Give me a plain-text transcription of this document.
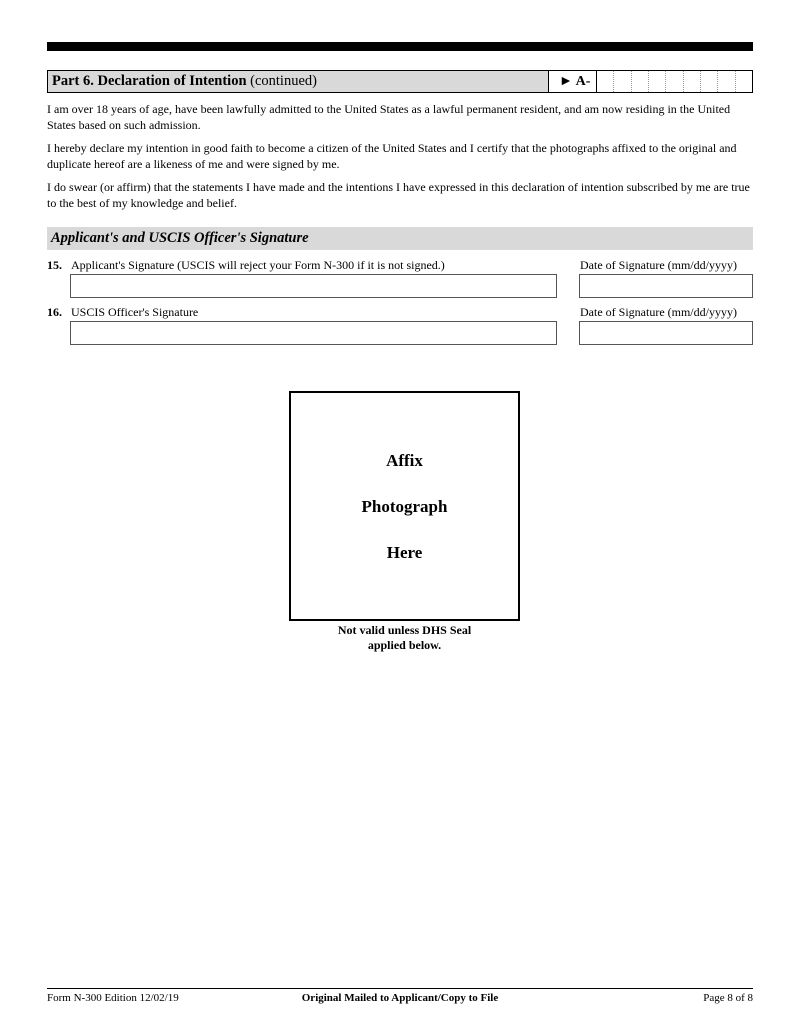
Part 6. Declaration of Intention (continued)	► A-

I am over 18 years of age, have been lawfully admitted to the United States as a lawful permanent resident, and am now residing in the United States based on such admission.

I hereby declare my intention in good faith to become a citizen of the United States and I certify that the photographs affixed to the original and duplicate hereof are a likeness of me and were signed by me.

I do swear (or affirm) that the statements I have made and the intentions I have expressed in this declaration of intention subscribed by me are true to the best of my knowledge and belief.

Applicant's and USCIS Officer's Signature
15. Applicant's Signature (USCIS will reject your Form N-300 if it is not signed.)	Date of Signature (mm/dd/yyyy)
16. USCIS Officer's Signature	Date of Signature (mm/dd/yyyy)
Affix
Photograph
Here
Not valid unless DHS Seal
applied below.
Form N-300 Edition 12/02/19	Original Mailed to Applicant/Copy to File	Page 8 of 8
